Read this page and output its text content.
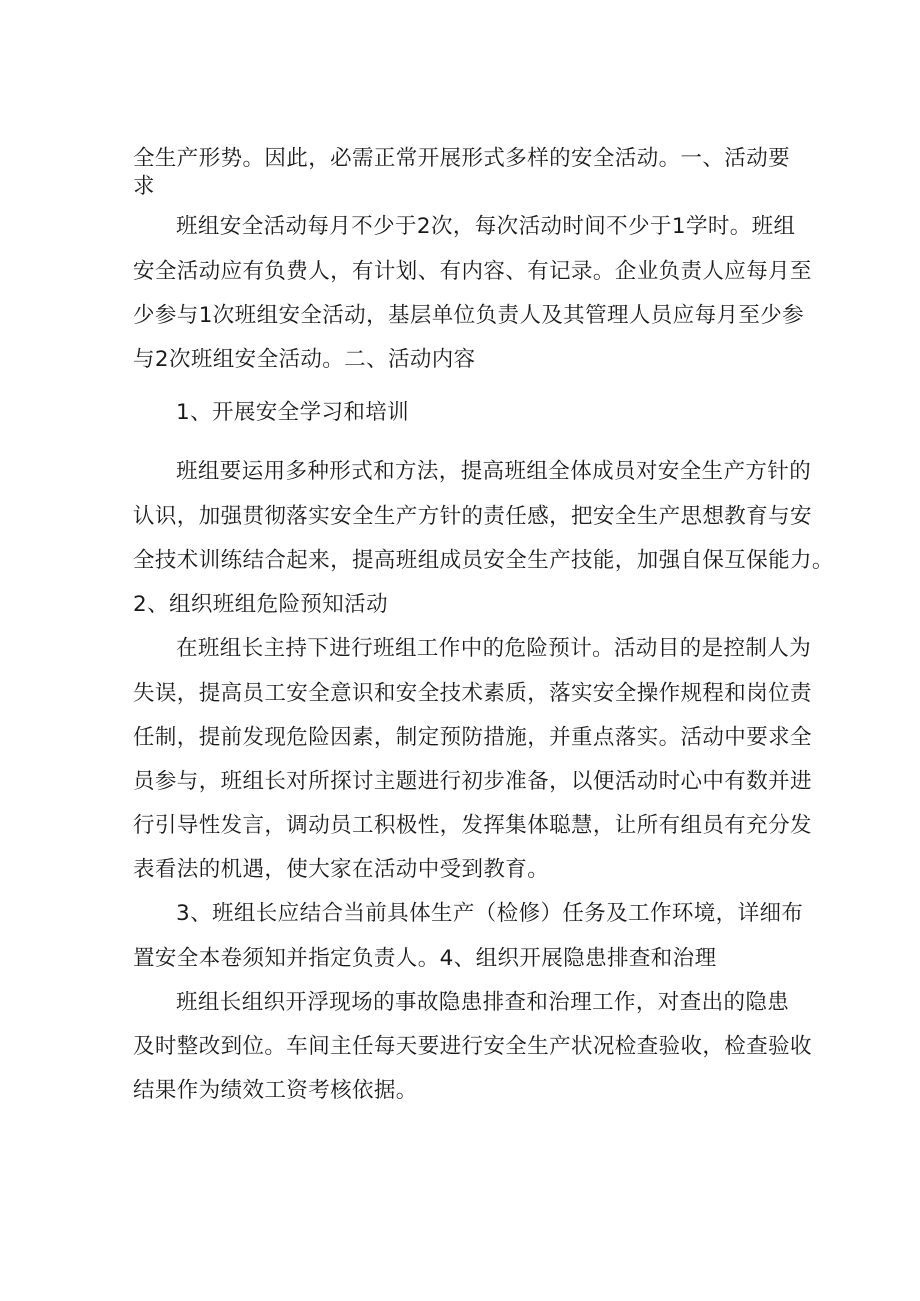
全生产形势。因此，必需正常开展形式多样的安全活动。一、活动要
求
班组安全活动每月不少于2次，每次活动时间不少于1学时。班组
安全活动应有负费人，有计划、有内容、有记录。企业负责人应每月至
少参与1次班组安全活动，基层单位负责人及其管理人员应每月至少参
与2次班组安全活动。二、活动内容
1、开展安全学习和培训
班组要运用多种形式和方法，提高班组全体成员对安全生产方针的
认识，加强贯彻落实安全生产方针的责任感，把安全生产思想教育与安
全技术训练结合起来，提高班组成员安全生产技能，加强自保互保能力。
2、组织班组危险预知活动
在班组长主持下进行班组工作中的危险预计。活动目的是控制人为
失误，提高员工安全意识和安全技术素质，落实安全操作规程和岗位责
任制，提前发现危险因素，制定预防措施，并重点落实。活动中要求全
员参与，班组长对所探讨主题进行初步准备，以便活动时心中有数并进
行引导性发言，调动员工积极性，发挥集体聪慧，让所有组员有充分发
表看法的机遇，使大家在活动中受到教育。
3、班组长应结合当前具体生产（检修）任务及工作环境，详细布
置安全本卷须知并指定负责人。4、组织开展隐患排查和治理
班组长组织开浮现场的事故隐患排查和治理工作，对查出的隐患
及时整改到位。车间主任每天要进行安全生产状况检查验收，检查验收
结果作为绩效工资考核依据。
